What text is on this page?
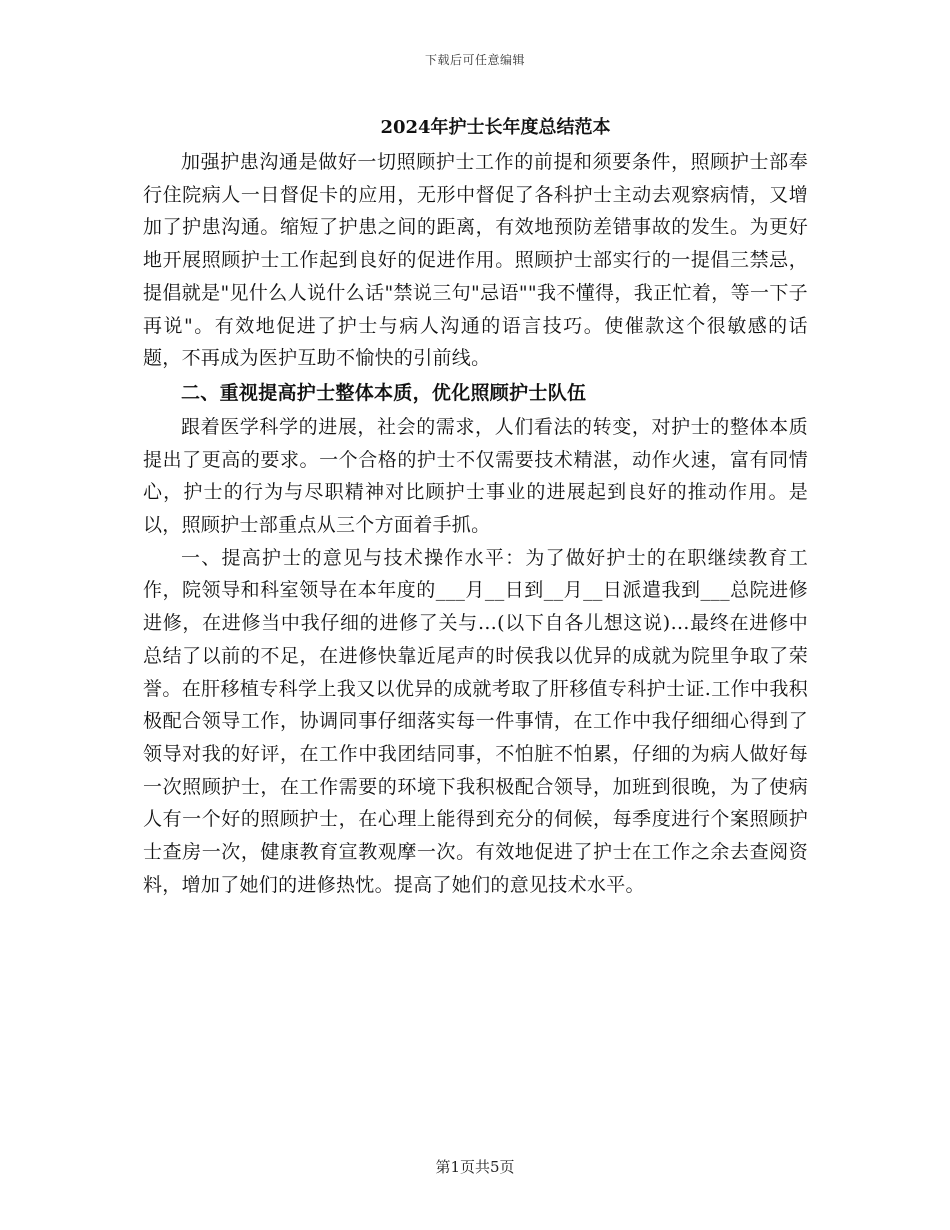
下载后可任意编辑
2024年护士长年度总结范本

加强护患沟通是做好一切照顾护士工作的前提和须要条件，照顾护士部奉行住院病人一日督促卡的应用，无形中督促了各科护士主动去观察病情，又增加了护患沟通。缩短了护患之间的距离，有效地预防差错事故的发生。为更好地开展照顾护士工作起到良好的促进作用。照顾护士部实行的一提倡三禁忌，提倡就是"见什么人说什么话"禁说三句"忌语""我不懂得，我正忙着，等一下子再说"。有效地促进了护士与病人沟通的语言技巧。使催款这个很敏感的话题，不再成为医护互助不愉快的引前线。

二、重视提高护士整体本质，优化照顾护士队伍

跟着医学科学的进展，社会的需求，人们看法的转变，对护士的整体本质提出了更高的要求。一个合格的护士不仅需要技术精湛，动作火速，富有同情心，护士的行为与尽职精神对比顾护士事业的进展起到良好的推动作用。是以，照顾护士部重点从三个方面着手抓。

一、提高护士的意见与技术操作水平：为了做好护士的在职继续教育工作，院领导和科室领导在本年度的___月__日到__月__日派遣我到___总院进修进修，在进修当中我仔细的进修了关与…(以下自各儿想这说)…最终在进修中总结了以前的不足，在进修快靠近尾声的时侯我以优异的成就为院里争取了荣誉。在肝移植专科学上我又以优异的成就考取了肝移值专科护士证.工作中我积极配合领导工作，协调同事仔细落实每一件事情，在工作中我仔细细心得到了领导对我的好评，在工作中我团结同事，不怕脏不怕累，仔细的为病人做好每一次照顾护士，在工作需要的环境下我积极配合领导，加班到很晚，为了使病人有一个好的照顾护士，在心理上能得到充分的伺候，每季度进行个案照顾护士查房一次，健康教育宣教观摩一次。有效地促进了护士在工作之余去查阅资料，增加了她们的进修热忱。提高了她们的意见技术水平。

第1页共5页
